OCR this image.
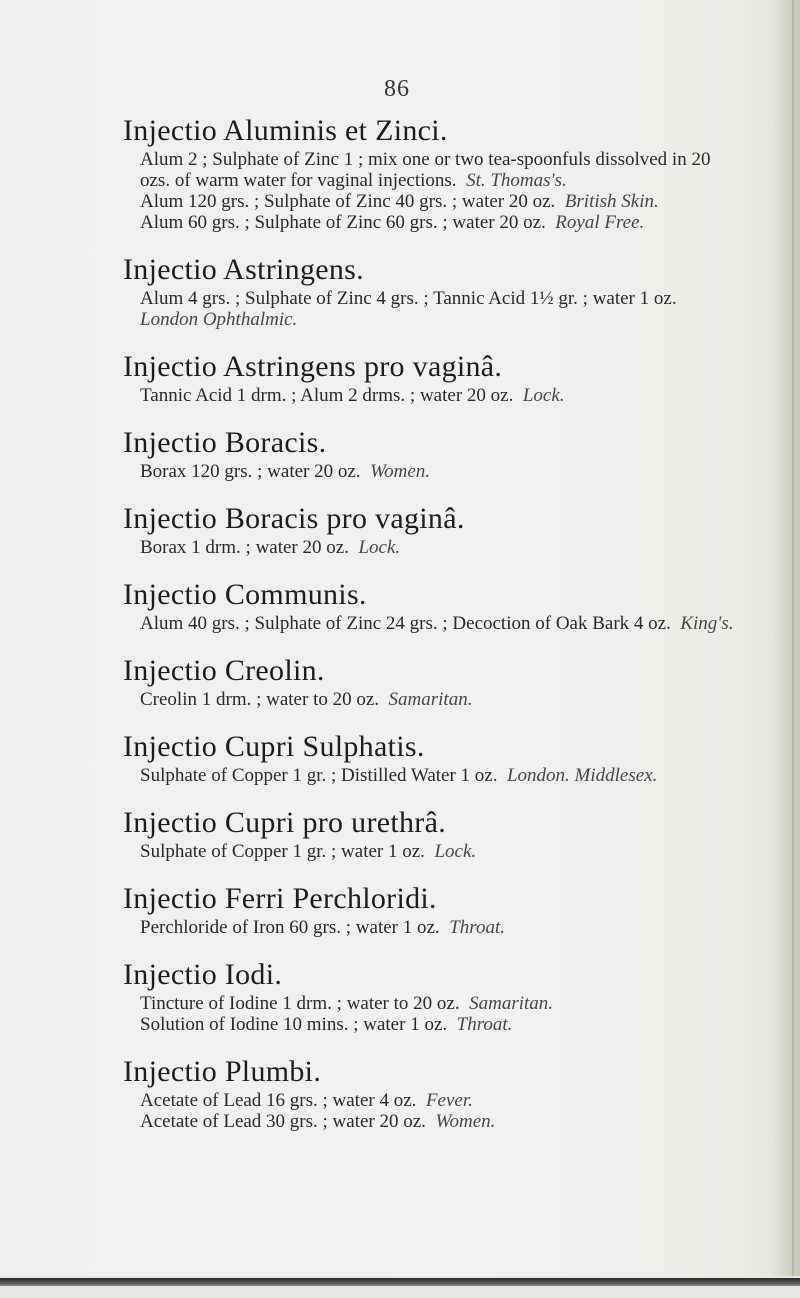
86
Injectio Aluminis et Zinci.

Alum 2 ; Sulphate of Zinc 1 ; mix one or two tea-spoonfuls dissolved in 20 ozs. of warm water for vaginal injections.  St. Thomas's.

Alum 120 grs. ; Sulphate of Zinc 40 grs. ; water 20 oz.  British Skin.

Alum 60 grs. ; Sulphate of Zinc 60 grs. ; water 20 oz.  Royal Free.

Injectio Astringens.

Alum 4 grs. ; Sulphate of Zinc 4 grs. ; Tannic Acid 1½ gr. ; water 1 oz. London Ophthalmic.

Injectio Astringens pro vaginâ.

Tannic Acid 1 drm. ; Alum 2 drms. ; water 20 oz.  Lock.

Injectio Boracis.

Borax 120 grs. ; water 20 oz.  Women.

Injectio Boracis pro vaginâ.

Borax 1 drm. ; water 20 oz.  Lock.

Injectio Communis.

Alum 40 grs. ; Sulphate of Zinc 24 grs. ; Decoction of Oak Bark 4 oz.  King's.

Injectio Creolin.

Creolin 1 drm. ; water to 20 oz.  Samaritan.

Injectio Cupri Sulphatis.

Sulphate of Copper 1 gr. ; Distilled Water 1 oz.  London. Middlesex.

Injectio Cupri pro urethrâ.

Sulphate of Copper 1 gr. ; water 1 oz.  Lock.

Injectio Ferri Perchloridi.

Perchloride of Iron 60 grs. ; water 1 oz.  Throat.

Injectio Iodi.

Tincture of Iodine 1 drm. ; water to 20 oz.  Samaritan.

Solution of Iodine 10 mins. ; water 1 oz.  Throat.

Injectio Plumbi.

Acetate of Lead 16 grs. ; water 4 oz.  Fever.

Acetate of Lead 30 grs. ; water 20 oz.  Women.
